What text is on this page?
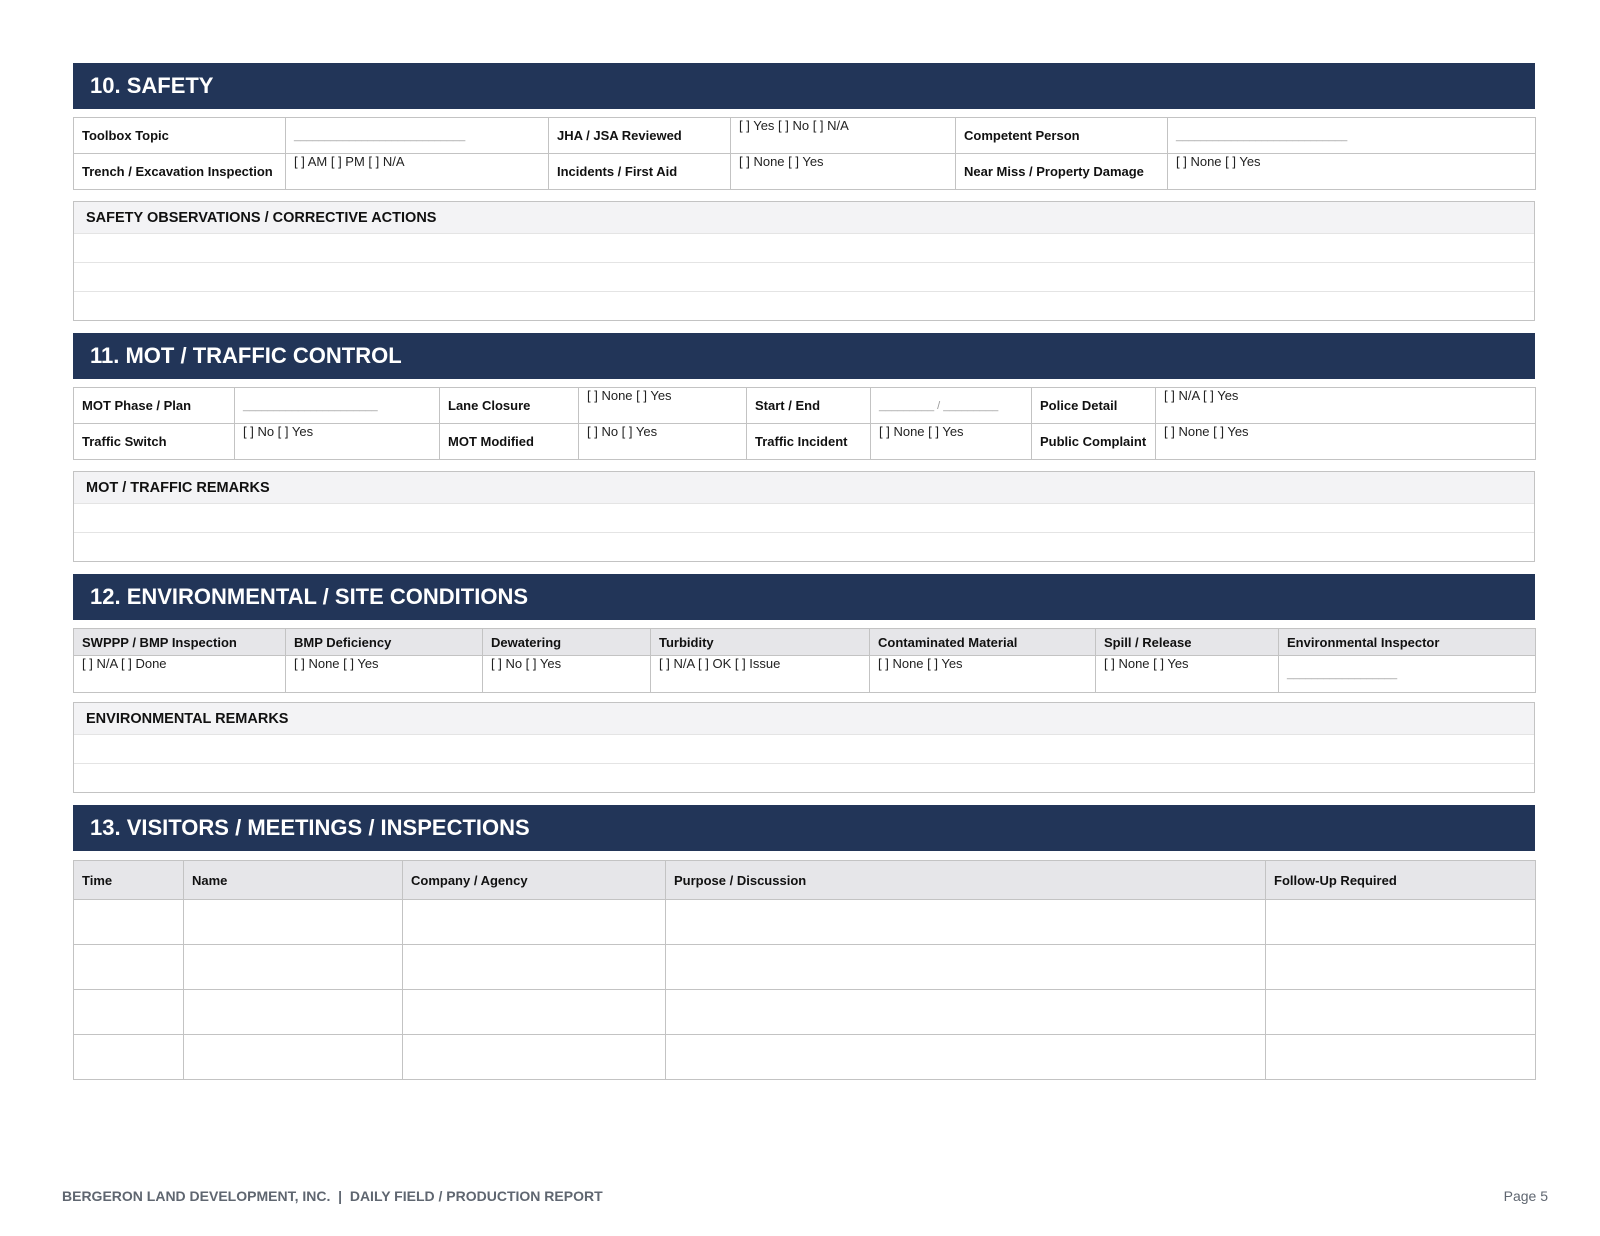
10. SAFETY
Toolbox Topic	____________________________	JHA / JSA Reviewed	[ ] Yes [ ] No [ ] N/A	Competent Person	____________________________
Trench / Excavation Inspection	[ ] AM [ ] PM [ ] N/A	Incidents / First Aid	[ ] None [ ] Yes	Near Miss / Property Damage	[ ] None [ ] Yes
SAFETY OBSERVATIONS / CORRECTIVE ACTIONS
11. MOT / TRAFFIC CONTROL
MOT Phase / Plan	______________________	Lane Closure	[ ] None [ ] Yes	Start / End	_________ / _________	Police Detail	[ ] N/A [ ] Yes
Traffic Switch	[ ] No [ ] Yes	MOT Modified	[ ] No [ ] Yes	Traffic Incident	[ ] None [ ] Yes	Public Complaint	[ ] None [ ] Yes
MOT / TRAFFIC REMARKS
12. ENVIRONMENTAL / SITE CONDITIONS
SWPPP / BMP Inspection	BMP Deficiency	Dewatering	Turbidity	Contaminated Material	Spill / Release	Environmental Inspector
[ ] N/A [ ] Done	[ ] None [ ] Yes	[ ] No [ ] Yes	[ ] N/A [ ] OK [ ] Issue	[ ] None [ ] Yes	[ ] None [ ] Yes	__________________
ENVIRONMENTAL REMARKS
13. VISITORS / MEETINGS / INSPECTIONS
Time	Name	Company / Agency	Purpose / Discussion	Follow-Up Required

BERGERON LAND DEVELOPMENT, INC.  |  DAILY FIELD / PRODUCTION REPORT	Page 5
